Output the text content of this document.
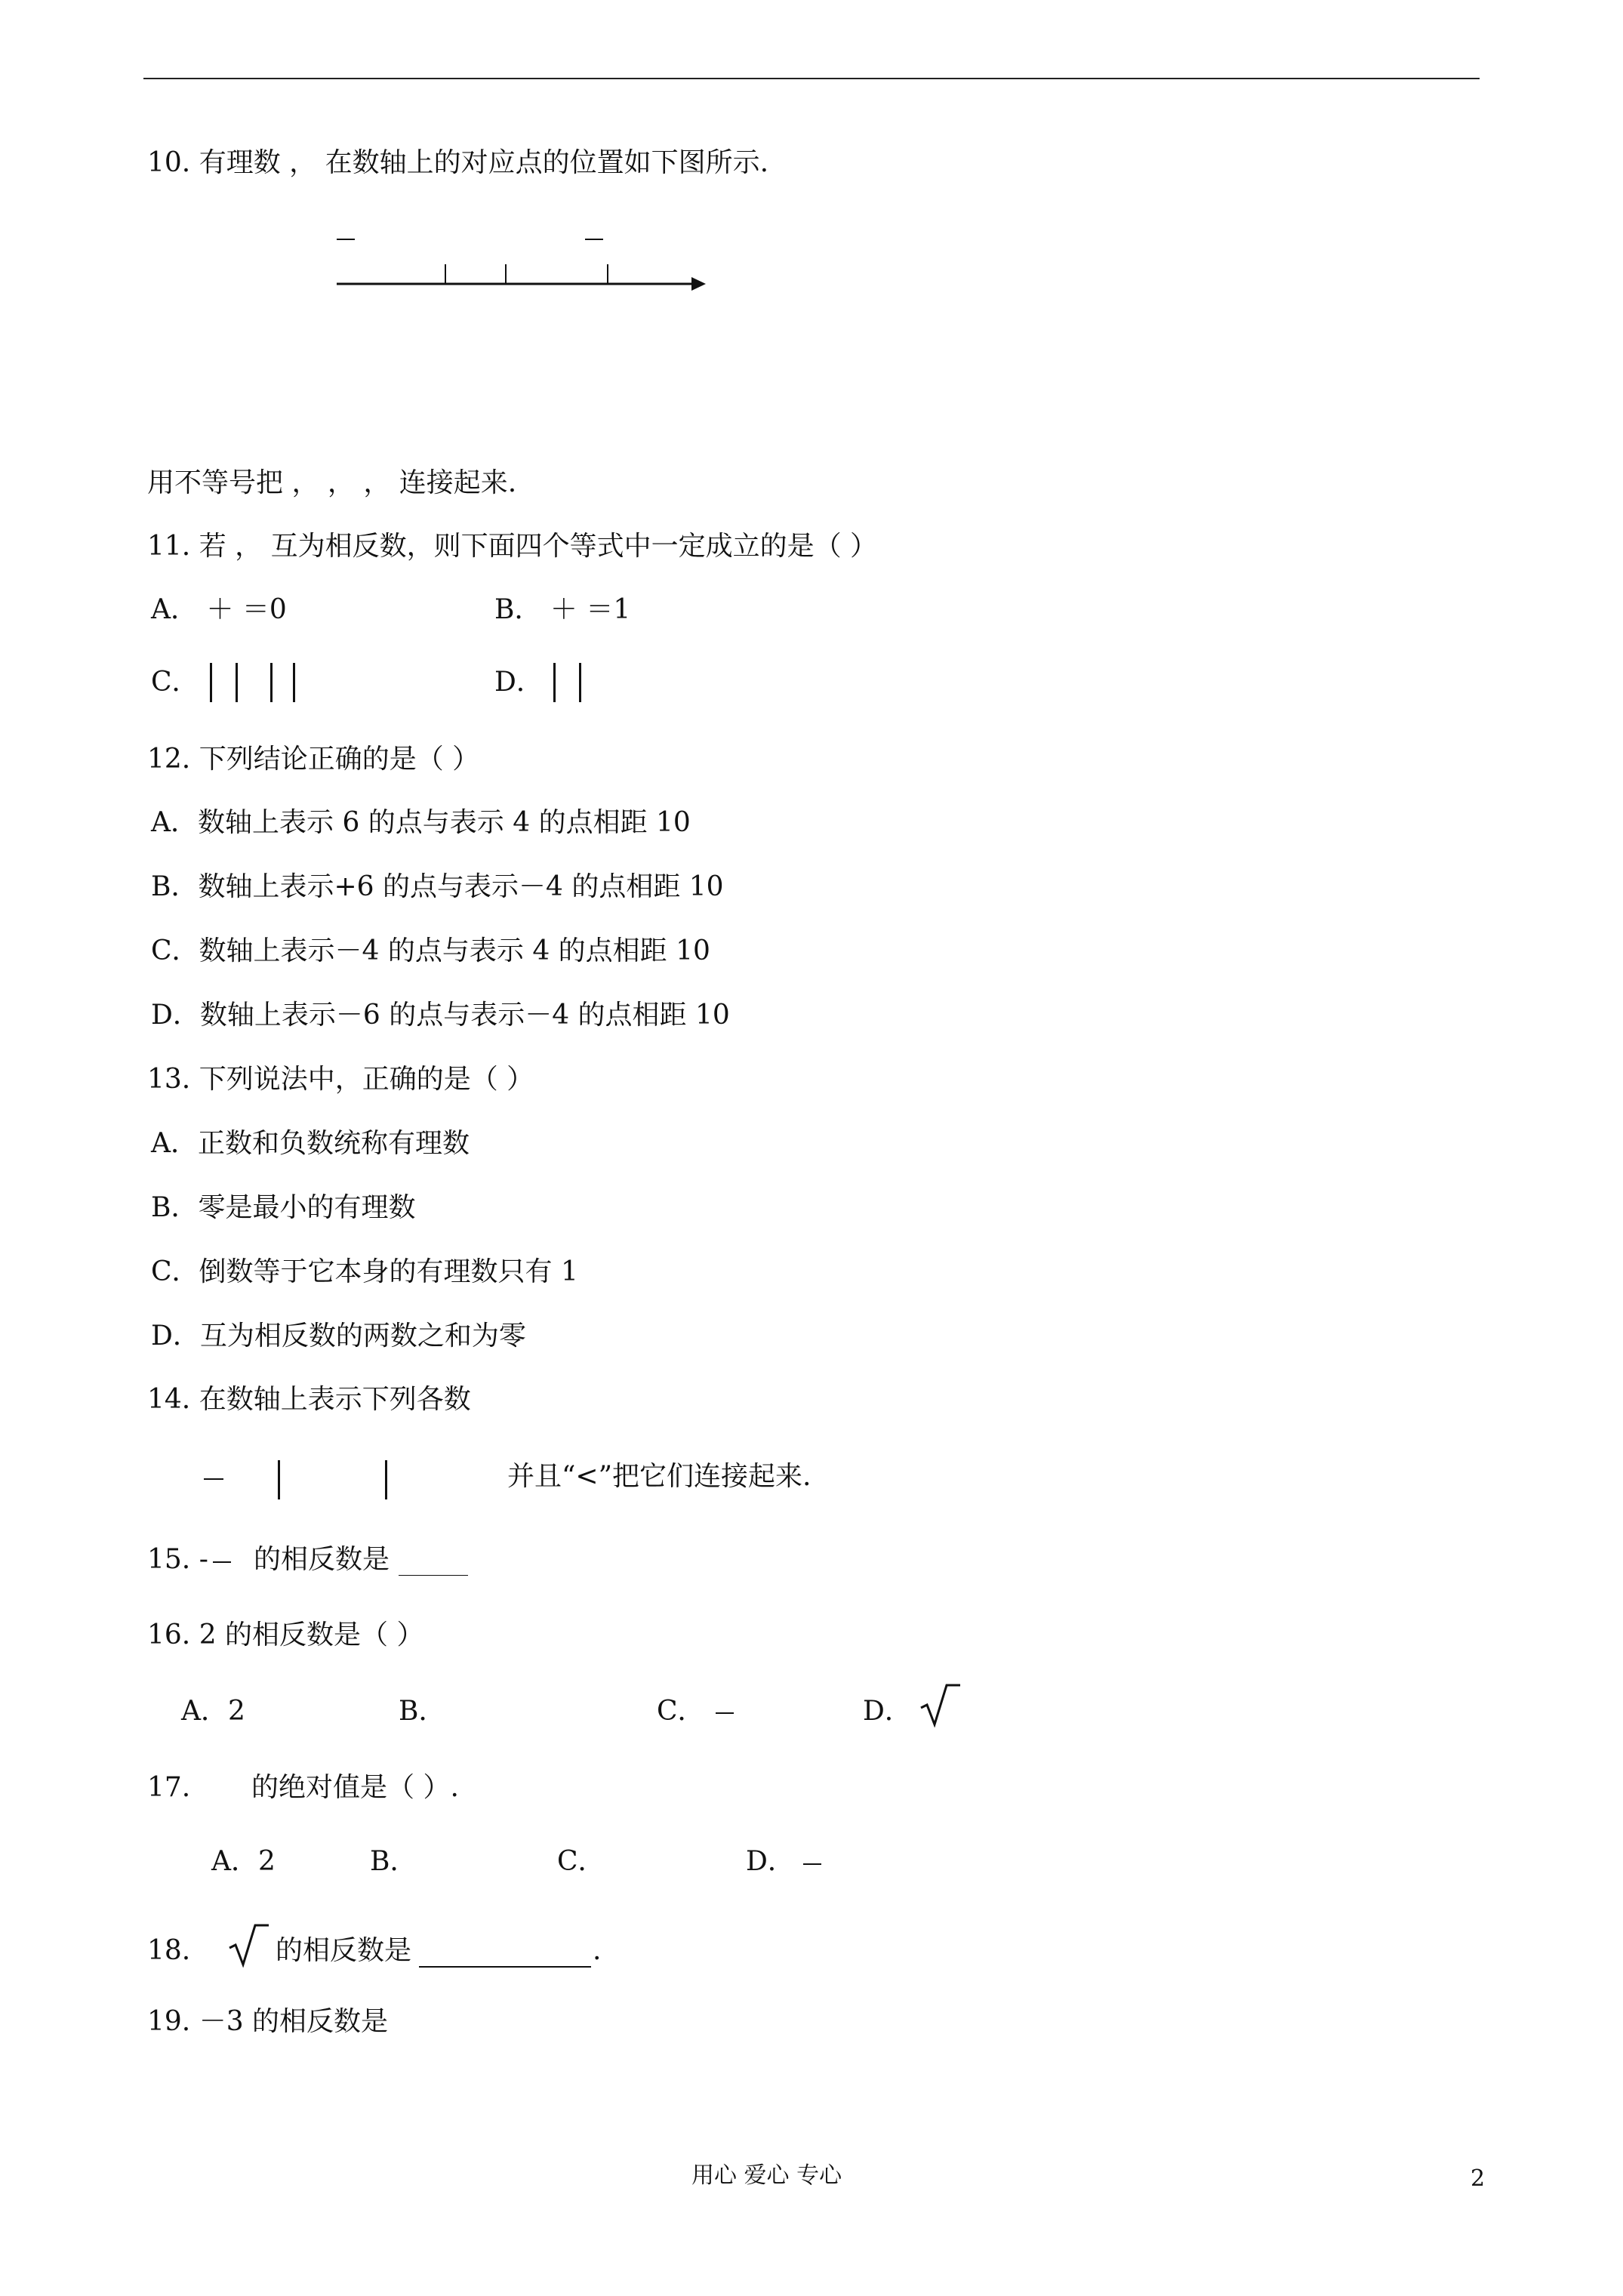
10. 有理数 ， 在数轴上的对应点的位置如下图所示.
用不等号把 ， ， ， 连接起来.
11. 若 ， 互为相反数，则下面四个等式中一定成立的是（ ）
A． ＋ ＝0	B． ＋ ＝1
C．	D．
12. 下列结论正确的是（ ）
A．数轴上表示 6 的点与表示 4 的点相距 10
B．数轴上表示+6 的点与表示－4 的点相距 10
C．数轴上表示－4 的点与表示 4 的点相距 10
D．数轴上表示－6 的点与表示－4 的点相距 10
13. 下列说法中，正确的是（ ）
A．正数和负数统称有理数
B．零是最小的有理数
C．倒数等于它本身的有理数只有 1
D．互为相反数的两数之和为零
14. 在数轴上表示下列各数
并且“<”把它们连接起来.
15. - 的相反数是
16. 2 的相反数是（ ）
A．2	B．	C．	D．
17. 的绝对值是（ ）.
A．2	B．	C．	D．
18.	的相反数是	.
19. －3 的相反数是
用心 爱心 专心	2
